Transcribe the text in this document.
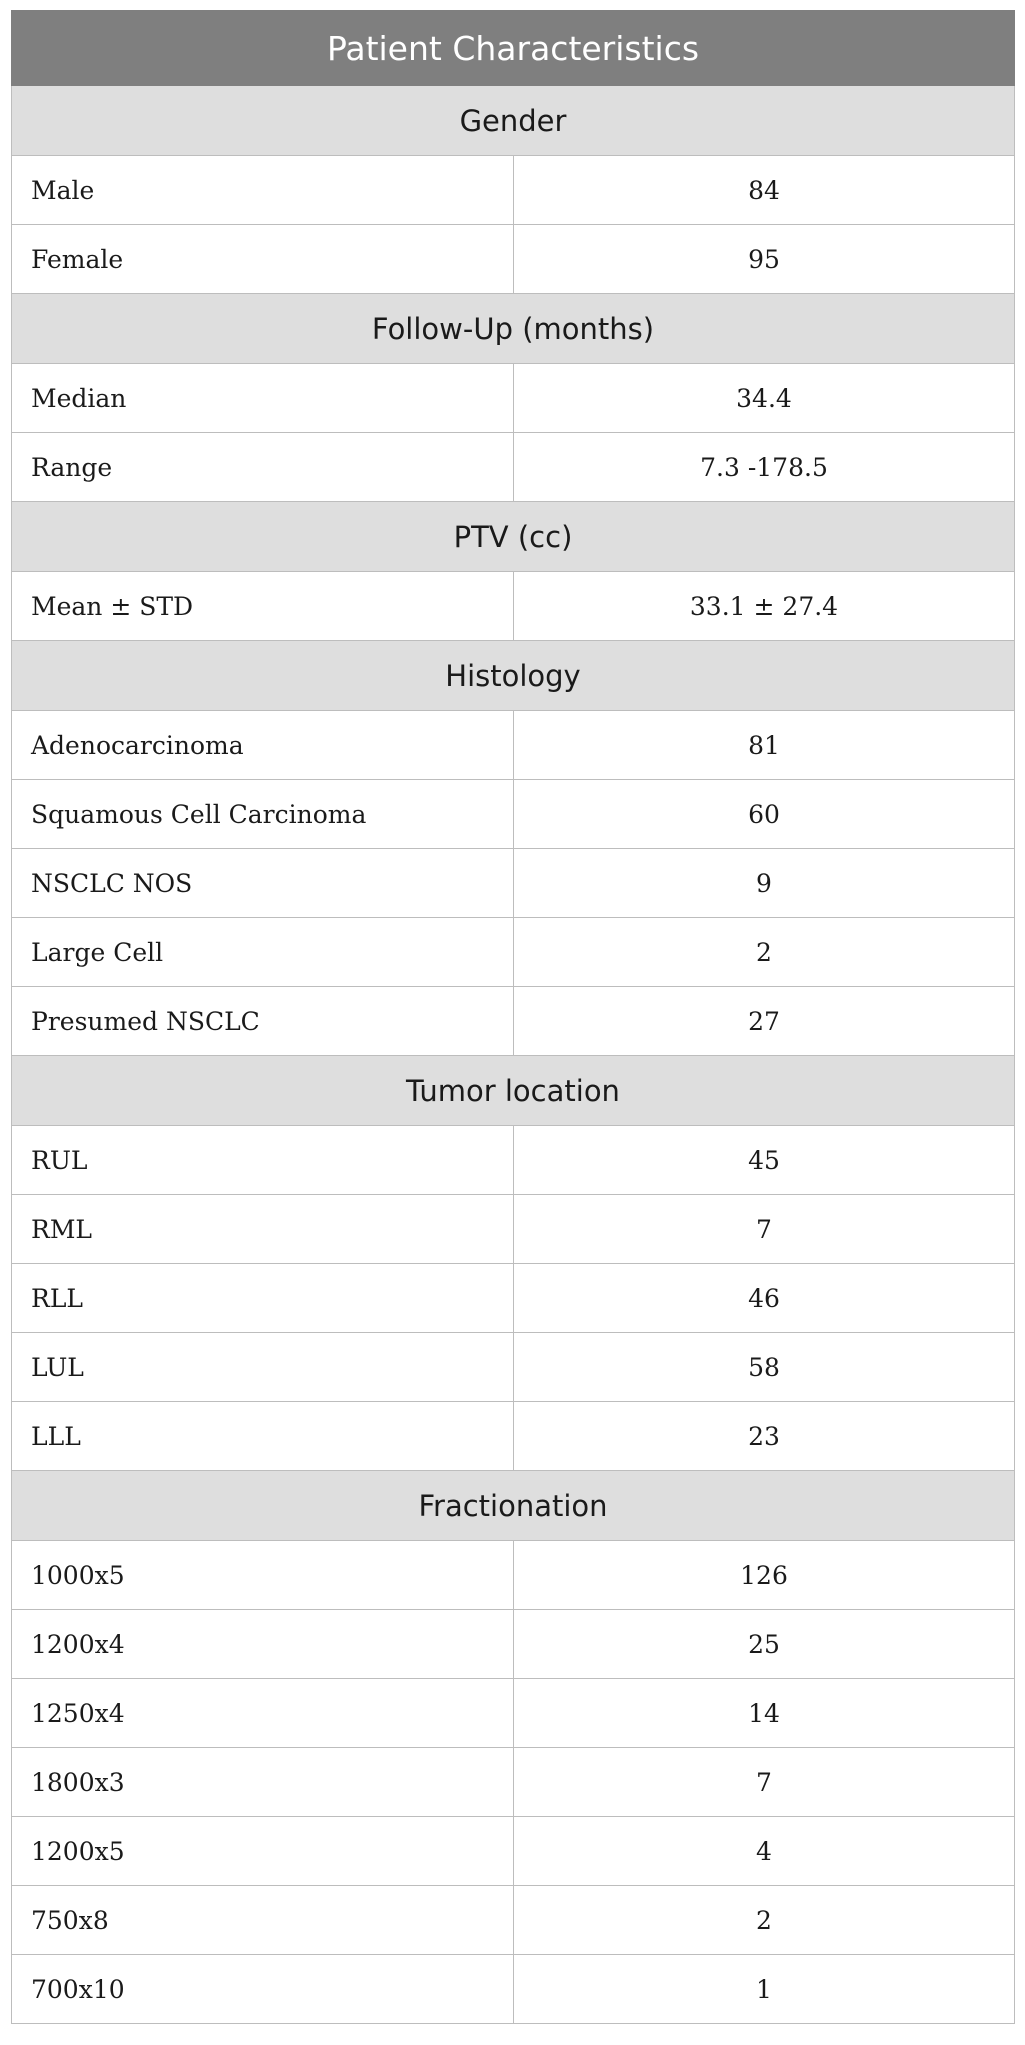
Patient Characteristics	
Gender	
Male	84
Female	95
Follow-Up (months)	
Median	34.4
Range	7.3 -178.5
PTV (cc)	
Mean ± STD	33.1 ± 27.4
Histology	
Adenocarcinoma	81
Squamous Cell Carcinoma	60
NSCLC NOS	9
Large Cell	2
Presumed NSCLC	27
Tumor location	
RUL	45
RML	7
RLL	46
LUL	58
LLL	23
Fractionation	
1000x5	126
1200x4	25
1250x4	14
1800x3	7
1200x5	4
750x8	2
700x10	1
